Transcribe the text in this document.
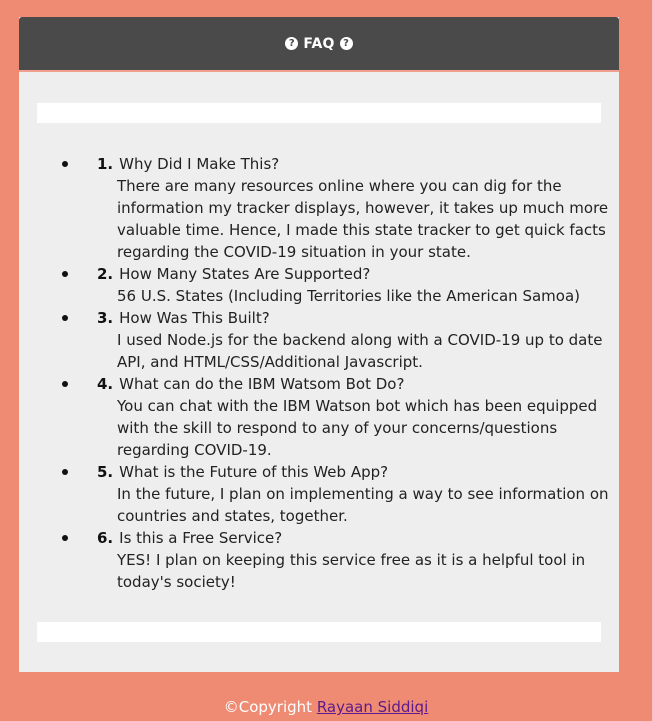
? FAQ ?
1. Why Did I Make This?
There are many resources online where you can dig for the information my tracker displays, however, it takes up much more valuable time. Hence, I made this state tracker to get quick facts regarding the COVID-19 situation in your state.
2. How Many States Are Supported?
56 U.S. States (Including Territories like the American Samoa)
3. How Was This Built?
I used Node.js for the backend along with a COVID-19 up to date API, and HTML/CSS/Additional Javascript.
4. What can do the IBM Watsom Bot Do?
You can chat with the IBM Watson bot which has been equipped with the skill to respond to any of your concerns/questions regarding COVID-19.
5. What is the Future of this Web App?
In the future, I plan on implementing a way to see information on countries and states, together.
6. Is this a Free Service?
YES! I plan on keeping this service free as it is a helpful tool in today's society!
©Copyright Rayaan Siddiqi
